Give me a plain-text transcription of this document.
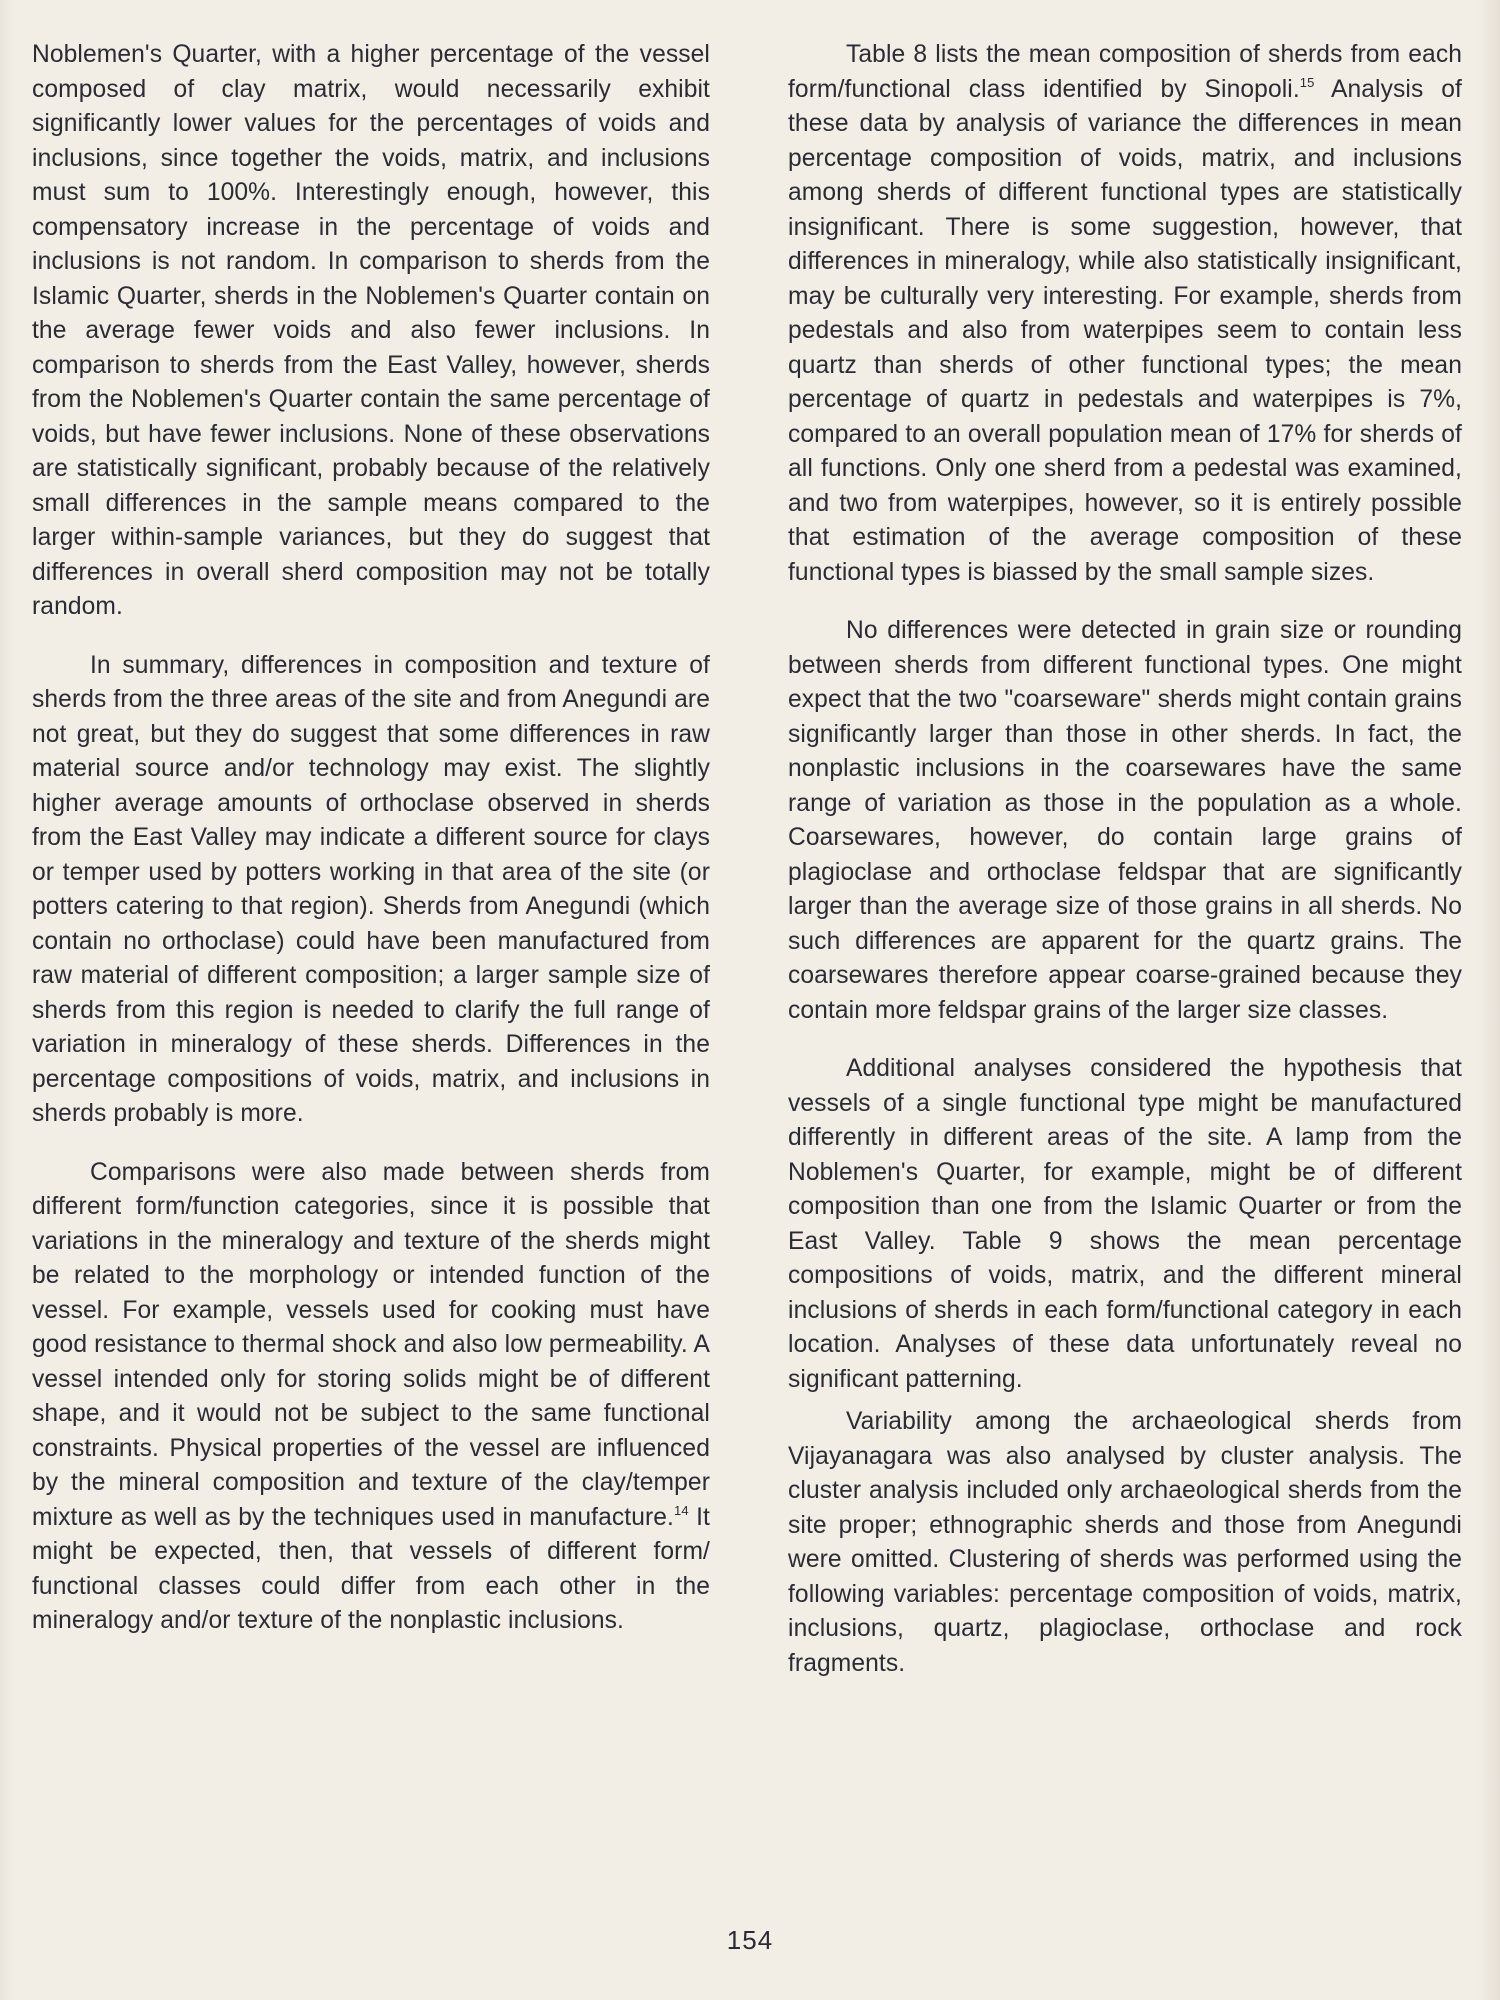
Noblemen's Quarter, with a higher percentage of the vessel composed of clay matrix, would necessarily exhibit significantly lower values for the percentages of voids and inclusions, since together the voids, matrix, and inclusions must sum to 100%. Interestingly enough, however, this compensatory increase in the percentage of voids and inclusions is not random. In comparison to sherds from the Islamic Quarter, sherds in the Noblemen's Quarter contain on the average fewer voids and also fewer inclusions. In comparison to sherds from the East Valley, however, sherds from the Noblemen's Quarter contain the same percentage of voids, but have fewer inclusions. None of these observations are statistically significant, probably because of the relatively small differences in the sample means compared to the larger within-sample variances, but they do suggest that differences in overall sherd composition may not be totally random.

In summary, differences in composition and texture of sherds from the three areas of the site and from Anegundi are not great, but they do suggest that some differences in raw material source and/or technology may exist. The slightly higher average amounts of orthoclase observed in sherds from the East Valley may indicate a different source for clays or temper used by potters working in that area of the site (or potters catering to that region). Sherds from Anegundi (which contain no orthoclase) could have been manufactured from raw material of different composition; a larger sample size of sherds from this region is needed to clarify the full range of variation in mineralogy of these sherds. Differences in the percentage compositions of voids, matrix, and inclusions in sherds probably is more.

Comparisons were also made between sherds from different form/function categories, since it is possible that variations in the mineralogy and texture of the sherds might be related to the morphology or intended function of the vessel. For example, vessels used for cooking must have good resistance to thermal shock and also low permeability. A vessel intended only for storing solids might be of different shape, and it would not be subject to the same functional constraints. Physical properties of the vessel are influenced by the mineral composition and texture of the clay/temper mixture as well as by the techniques used in manufacture.$^{14}$ It might be expected, then, that vessels of different form/ functional classes could differ from each other in the mineralogy and/or texture of the nonplastic inclusions.

Table 8 lists the mean composition of sherds from each form/functional class identified by Sinopoli.$^{15}$ Analysis of these data by analysis of variance the differences in mean percentage composition of voids, matrix, and inclusions among sherds of different functional types are statistically insignificant. There is some suggestion, however, that differences in mineralogy, while also statistically insignificant, may be culturally very interesting. For example, sherds from pedestals and also from waterpipes seem to contain less quartz than sherds of other functional types; the mean percentage of quartz in pedestals and waterpipes is 7%, compared to an overall population mean of 17% for sherds of all functions. Only one sherd from a pedestal was examined, and two from waterpipes, however, so it is entirely possible that estimation of the average composition of these functional types is biassed by the small sample sizes.

No differences were detected in grain size or rounding between sherds from different functional types. One might expect that the two "coarseware" sherds might contain grains significantly larger than those in other sherds. In fact, the nonplastic inclusions in the coarsewares have the same range of variation as those in the population as a whole. Coarsewares, however, do contain large grains of plagioclase and orthoclase feldspar that are significantly larger than the average size of those grains in all sherds. No such differences are apparent for the quartz grains. The coarsewares therefore appear coarse-grained because they contain more feldspar grains of the larger size classes.

Additional analyses considered the hypothesis that vessels of a single functional type might be manufactured differently in different areas of the site. A lamp from the Noblemen's Quarter, for example, might be of different composition than one from the Islamic Quarter or from the East Valley. Table 9 shows the mean percentage compositions of voids, matrix, and the different mineral inclusions of sherds in each form/functional category in each location. Analyses of these data unfortunately reveal no significant patterning.

Variability among the archaeological sherds from Vijayanagara was also analysed by cluster analysis. The cluster analysis included only archaeological sherds from the site proper; ethnographic sherds and those from Anegundi were omitted. Clustering of sherds was performed using the following variables: percentage composition of voids, matrix, inclusions, quartz, plagioclase, orthoclase and rock fragments.

154
